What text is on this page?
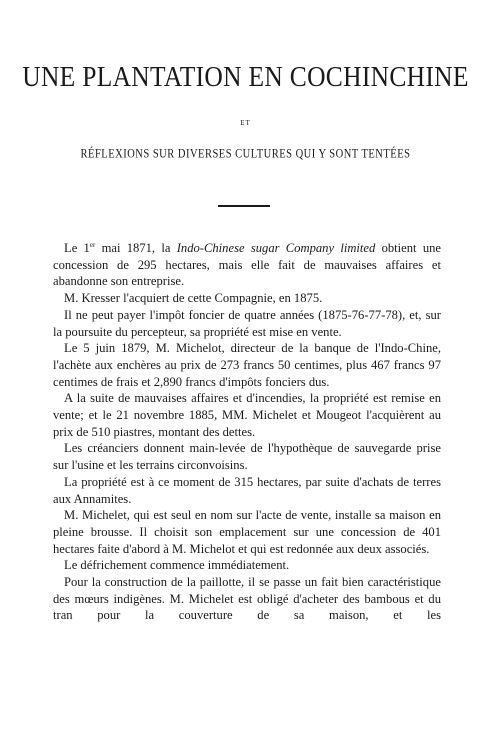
UNE PLANTATION EN COCHINCHINE
ET
RÉFLEXIONS SUR DIVERSES CULTURES QUI Y SONT TENTÉES

Le 1er mai 1871, la Indo-Chinese sugar Company limited obtient une concession de 295 hectares, mais elle fait de mauvaises affaires et abandonne son entreprise.

M. Kresser l'acquiert de cette Compagnie, en 1875.

Il ne peut payer l'impôt foncier de quatre années (1875-76-77-78), et, sur la poursuite du percepteur, sa propriété est mise en vente.

Le 5 juin 1879, M. Michelot, directeur de la banque de l'Indo-Chine, l'achète aux enchères au prix de 273 francs 50 centimes, plus 467 francs 97 centimes de frais et 2,890 francs d'impôts fonciers dus.

A la suite de mauvaises affaires et d'incendies, la propriété est remise en vente; et le 21 novembre 1885, MM. Michelet et Mougeot l'acquièrent au prix de 510 piastres, montant des dettes.

Les créanciers donnent main-levée de l'hypothèque de sauvegarde prise sur l'usine et les terrains circonvoisins.

La propriété est à ce moment de 315 hectares, par suite d'achats de terres aux Annamites.

M. Michelet, qui est seul en nom sur l'acte de vente, installe sa maison en pleine brousse. Il choisit son emplacement sur une concession de 401 hectares faite d'abord à M. Michelot et qui est redonnée aux deux associés.

Le défrichement commence immédiatement.

Pour la construction de la paillotte, il se passe un fait bien caractéristique des mœurs indigènes. M. Michelet est obligé d'acheter des bambous et du tran pour la couverture de sa maison, et les
